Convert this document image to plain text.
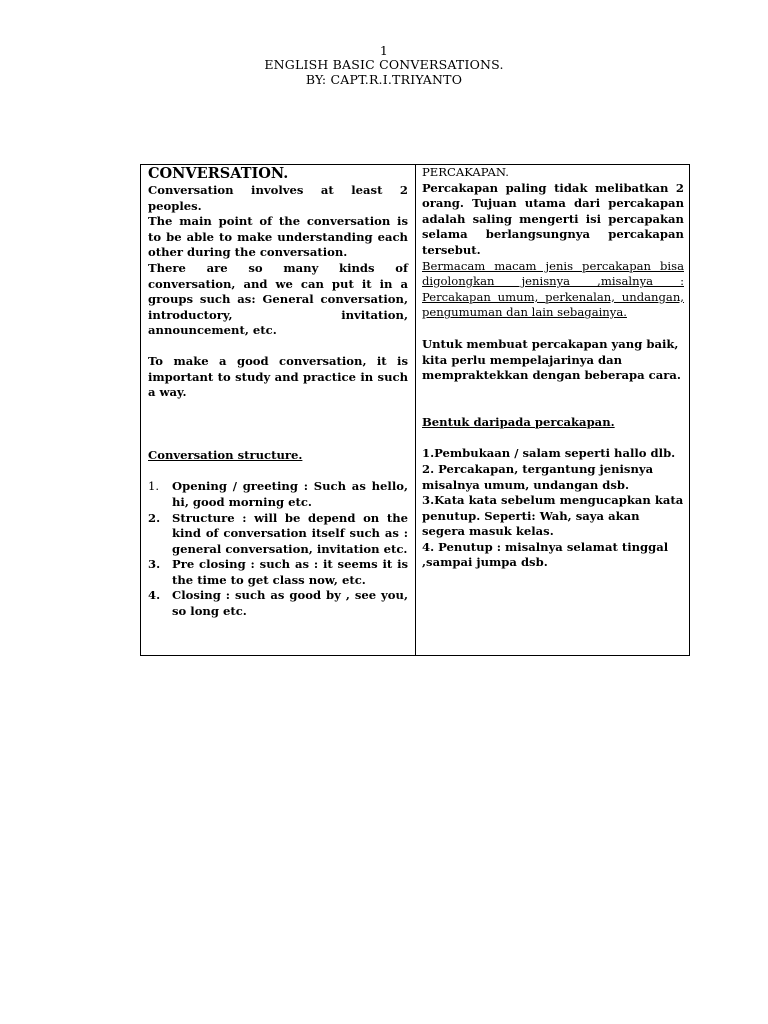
1
ENGLISH BASIC CONVERSATIONS.
BY: CAPT.R.I.TRIYANTO
CONVERSATION.
Conversation involves at least 2 peoples.
The main point of the conversation is to be able to make understanding each other during the conversation.
There are so many kinds of conversation, and we can put it in a groups such as: General conversation, introductory, invitation, announcement, etc.
To make a good conversation, it is important to study and practice in such a way.
Conversation structure.
1. Opening / greeting : Such as hello, hi, good morning etc.
2. Structure : will be depend on the kind of conversation itself such as : general conversation, invitation etc.
3. Pre closing : such as : it seems it is the time to get class now, etc.
4. Closing : such as good by , see you, so long etc.
PERCAKAPAN.
Percakapan paling tidak melibatkan 2 orang. Tujuan utama dari percakapan adalah saling mengerti isi percapakan selama berlangsungnya percakapan tersebut.
Bermacam macam jenis percakapan bisa digolongkan jenisnya ,misalnya : Percakapan umum, perkenalan, undangan, pengumuman dan lain sebagainya.
Untuk membuat percakapan yang baik, kita perlu mempelajarinya dan mempraktekkan dengan beberapa cara.
Bentuk daripada percakapan.
1.Pembukaan / salam seperti hallo dlb.
2. Percakapan, tergantung jenisnya misalnya umum, undangan dsb.
3.Kata kata sebelum mengucapkan kata penutup. Seperti: Wah, saya akan segera masuk kelas.
4. Penutup : misalnya selamat tinggal ,sampai jumpa dsb.
